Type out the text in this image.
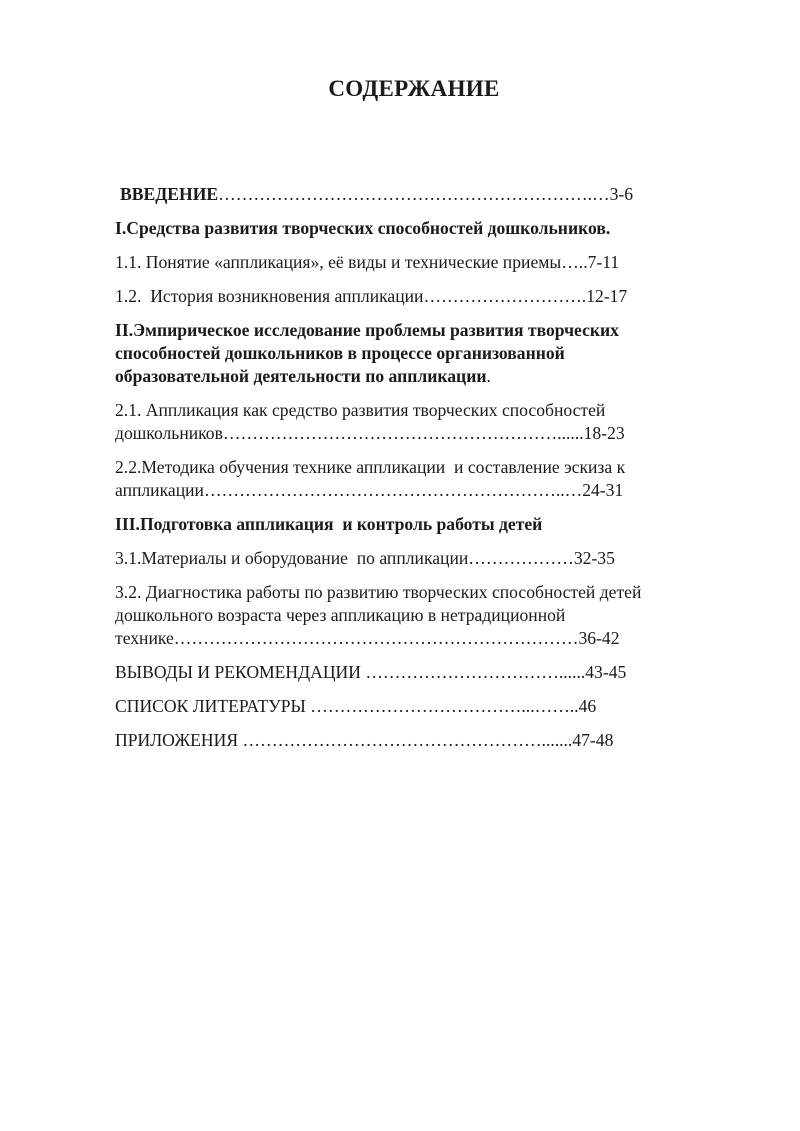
СОДЕРЖАНИЕ
ВВЕДЕНИЕ……………………………………………………….…3-6
I.Средства развития творческих способностей дошкольников.
1.1. Понятие «аппликация», её виды и технические приемы…..7-11
1.2.  История возникновения аппликации……………………….12-17
II.Эмпирическое исследование проблемы развития творческих способностей дошкольников в процессе организованной образовательной деятельности по аппликации.
2.1. Аппликация как средство развития творческих способностей дошкольников…………………………………………………......18-23
2.2.Методика обучения технике аппликации  и составление эскиза к аппликации……………………………………………………..…24-31
III.Подготовка аппликация  и контроль работы детей
3.1.Материалы и оборудование  по аппликации………………32-35
3.2. Диагностика работы по развитию творческих способностей детей дошкольного возраста через аппликацию в нетрадиционной технике……………………………………………………………36-42
ВЫВОДЫ И РЕКОМЕНДАЦИИ ……………………………......43-45
СПИСОК ЛИТЕРАТУРЫ ………………………………...……..46
ПРИЛОЖЕНИЯ …………………………………………….......47-48
